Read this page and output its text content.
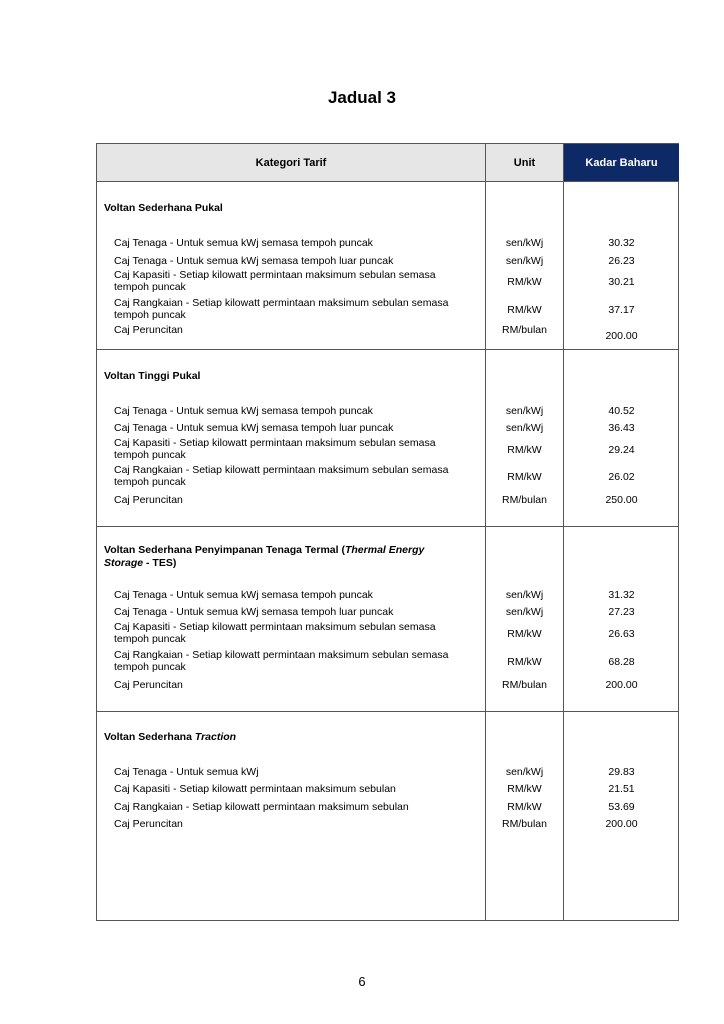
Jadual 3
Kategori Tarif	Unit	Kadar Baharu
Voltan Sederhana Pukal
Caj Tenaga - Untuk semua kWj semasa tempoh puncak	sen/kWj	30.32
Caj Tenaga - Untuk semua kWj semasa tempoh luar puncak	sen/kWj	26.23
Caj Kapasiti - Setiap kilowatt permintaan maksimum sebulan semasa
tempoh puncak	RM/kW	30.21
Caj Rangkaian - Setiap kilowatt permintaan maksimum sebulan semasa
tempoh puncak	RM/kW	37.17
Caj Peruncitan	RM/bulan	200.00
Voltan Tinggi Pukal
Caj Tenaga - Untuk semua kWj semasa tempoh puncak	sen/kWj	40.52
Caj Tenaga - Untuk semua kWj semasa tempoh luar puncak	sen/kWj	36.43
Caj Kapasiti - Setiap kilowatt permintaan maksimum sebulan semasa
tempoh puncak	RM/kW	29.24
Caj Rangkaian - Setiap kilowatt permintaan maksimum sebulan semasa
tempoh puncak	RM/kW	26.02
Caj Peruncitan	RM/bulan	250.00
Voltan Sederhana Penyimpanan Tenaga Termal (Thermal Energy
Storage - TES)
Caj Tenaga - Untuk semua kWj semasa tempoh puncak	sen/kWj	31.32
Caj Tenaga - Untuk semua kWj semasa tempoh luar puncak	sen/kWj	27.23
Caj Kapasiti - Setiap kilowatt permintaan maksimum sebulan semasa
tempoh puncak	RM/kW	26.63
Caj Rangkaian - Setiap kilowatt permintaan maksimum sebulan semasa
tempoh puncak	RM/kW	68.28
Caj Peruncitan	RM/bulan	200.00
Voltan Sederhana Traction
Caj Tenaga - Untuk semua kWj	sen/kWj	29.83
Caj Kapasiti - Setiap kilowatt permintaan maksimum sebulan	RM/kW	21.51
Caj Rangkaian - Setiap kilowatt permintaan maksimum sebulan	RM/kW	53.69
Caj Peruncitan	RM/bulan	200.00
6
